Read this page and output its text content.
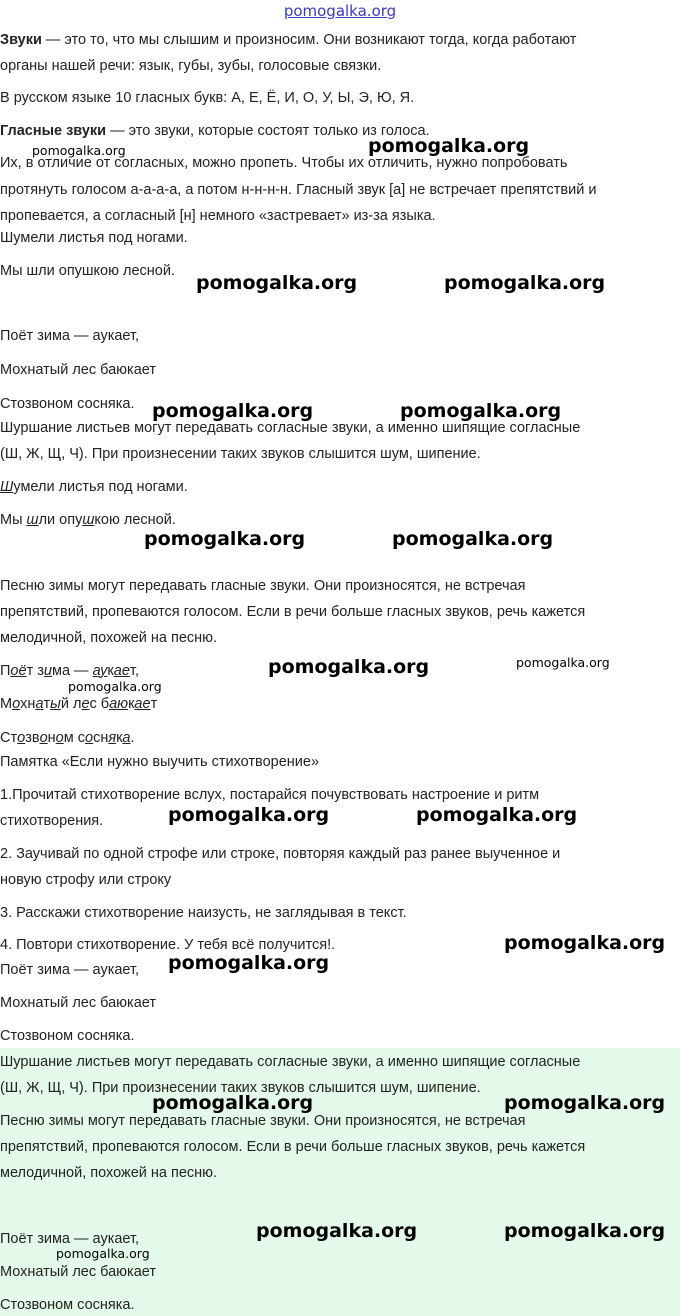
pomogalka.org
Звуки — это то, что мы слышим и произносим. Они возникают тогда, когда работают
органы нашей речи: язык, губы, зубы, голосовые связки.
В русском языке 10 гласных букв: А, Е, Ё, И, О, У, Ы, Э, Ю, Я.
Гласные звуки — это звуки, которые состоят только из голоса.
Их, в отличие от согласных, можно пропеть. Чтобы их отличить, нужно попробовать
протянуть голосом а-а-а-а, а потом н-н-н-н. Гласный звук [а] не встречает препятствий и
пропевается, а согласный [н] немного «застревает» из-за языка.
Шумели листья под ногами.
Мы шли опушкою лесной.
Поёт зима — аукает,
Мохнатый лес баюкает
Стозвоном сосняка.
Шуршание листьев могут передавать согласные звуки, а именно шипящие согласные
(Ш, Ж, Щ, Ч). При произнесении таких звуков слышится шум, шипение.
Шумели листья под ногами.
Мы шли опушкою лесной.
Песню зимы могут передавать гласные звуки. Они произносятся, не встречая
препятствий, пропеваются голосом. Если в речи больше гласных звуков, речь кажется
мелодичной, похожей на песню.
Поёт зима — аукает,
Мохнатый лес баюкает
Стозвоном сосняка.
Памятка «Если нужно выучить стихотворение»
1.Прочитай стихотворение вслух, постарайся почувствовать настроение и ритм
стихотворения.
2. Заучивай по одной строфе или строке, повторяя каждый раз ранее выученное и
новую строфу или строку
3. Расскажи стихотворение наизусть, не заглядывая в текст.
4. Повтори стихотворение. У тебя всё получится!.
Поёт зима — аукает,
Мохнатый лес баюкает
Стозвоном сосняка.
Шуршание листьев могут передавать согласные звуки, а именно шипящие согласные
(Ш, Ж, Щ, Ч). При произнесении таких звуков слышится шум, шипение.
Песню зимы могут передавать гласные звуки. Они произносятся, не встречая
препятствий, пропеваются голосом. Если в речи больше гласных звуков, речь кажется
мелодичной, похожей на песню.
Поёт зима — аукает,
Мохнатый лес баюкает
Стозвоном сосняка.
pomogalka.org	pomogalka.org
pomogalka.org	pomogalka.org
pomogalka.org	pomogalka.org
pomogalka.org	pomogalka.org
pomogalka.org	pomogalka.org
pomogalka.org
pomogalka.org	pomogalka.org
pomogalka.org
pomogalka.org
pomogalka.org	pomogalka.org
pomogalka.org	pomogalka.org
pomogalka.org
